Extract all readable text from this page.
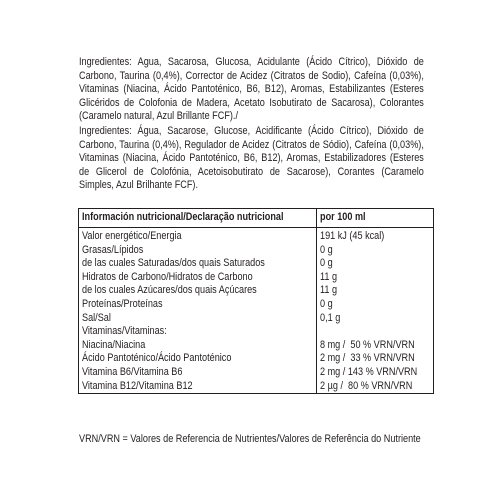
Ingredientes: Agua, Sacarosa, Glucosa, Acidulante (Ácido Cítrico), Dióxido de Carbono, Taurina (0,4%), Corrector de Acidez (Citratos de Sodio), Cafeína (0,03%), Vitaminas (Niacina, Ácido Pantoténico, B6, B12), Aromas, Estabilizantes (Esteres Glicéridos de Colofonia de Madera, Acetato Isobutirato de Sacarosa), Colorantes (Caramelo natural, Azul Brillante FCF)./
Ingredientes: Água, Sacarose, Glucose, Acidificante (Ácido Cítrico), Dióxido de Carbono, Taurina (0,4%), Regulador de Acidez (Citratos de Sódio), Cafeína (0,03%), Vitaminas (Niacina, Ácido Pantoténico, B6, B12), Aromas, Estabilizadores (Esteres de Glicerol de Colofónia, Acetoisobutirato de Sacarose), Corantes (Caramelo Simples, Azul Brilhante FCF).
Información nutricional/Declaração nutricional	por 100 ml
Valor energético/Energia	191 kJ (45 kcal)
Grasas/Lípidos	0 g
de las cuales Saturadas/dos quais Saturados	0 g
Hidratos de Carbono/Hidratos de Carbono	11 g
de los cuales Azúcares/dos quais Açúcares	11 g
Proteínas/Proteínas	0 g
Sal/Sal	0,1 g
Vitaminas/Vitaminas:	
Niacina/Niacina	8 mg /  50 % VRN/VRN
Ácido Pantoténico/Ácido Pantoténico	2 mg /  33 % VRN/VRN
Vitamina B6/Vitamina B6	2 mg / 143 % VRN/VRN
Vitamina B12/Vitamina B12	2 µg /  80 % VRN/VRN
VRN/VRN = Valores de Referencia de Nutrientes/Valores de Referência do Nutriente
